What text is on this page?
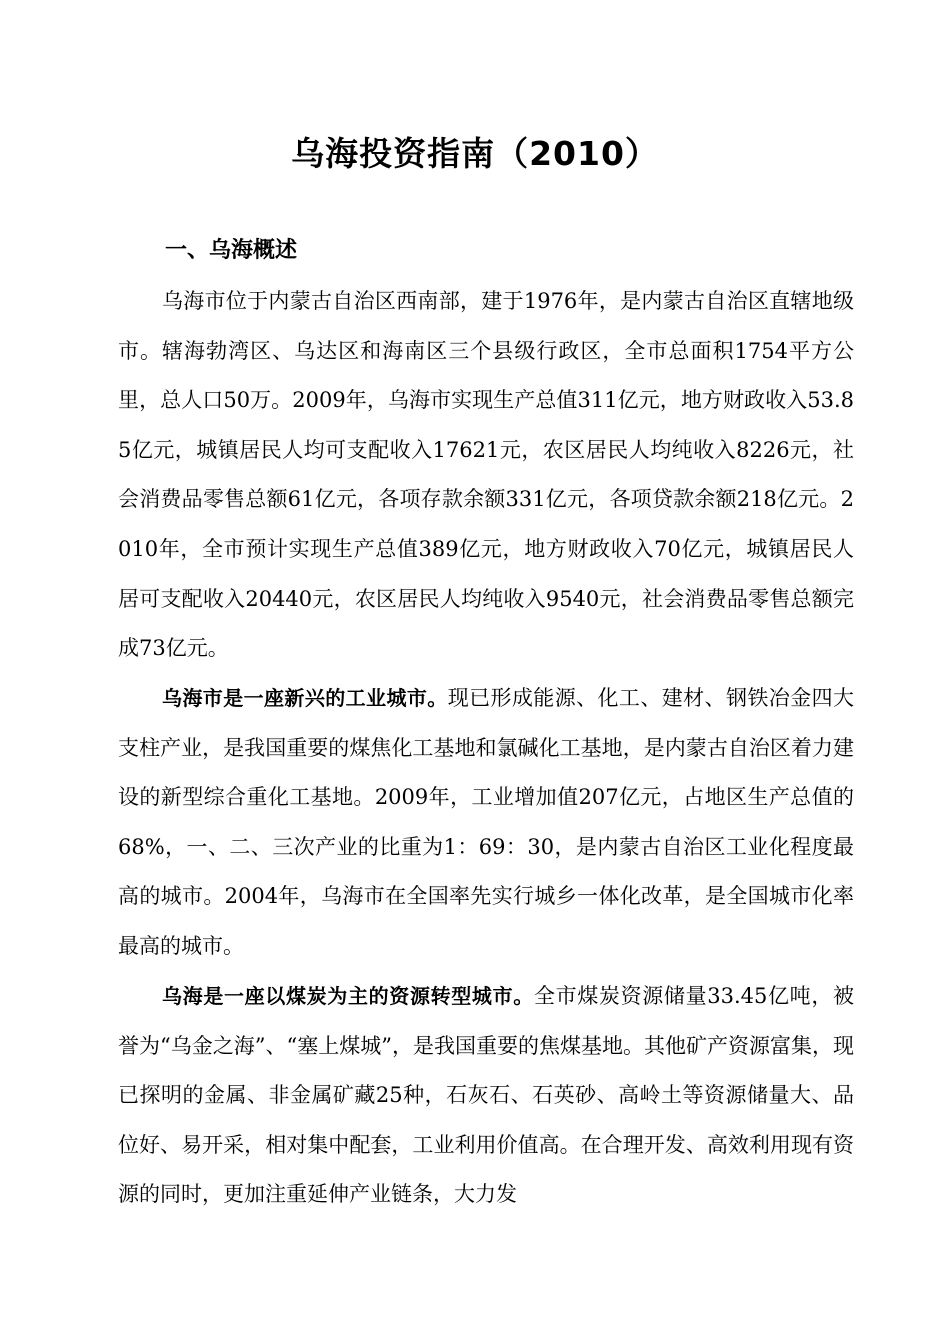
乌海投资指南（2010）
一、乌海概述
乌海市位于内蒙古自治区西南部，建于1976年，是内蒙古自治区直辖地级市。辖海勃湾区、乌达区和海南区三个县级行政区，全市总面积1754平方公里，总人口50万。2009年，乌海市实现生产总值311亿元，地方财政收入53.85亿元，城镇居民人均可支配收入17621元，农区居民人均纯收入8226元，社会消费品零售总额61亿元，各项存款余额331亿元，各项贷款余额218亿元。2010年，全市预计实现生产总值389亿元，地方财政收入70亿元，城镇居民人居可支配收入20440元，农区居民人均纯收入9540元，社会消费品零售总额完成73亿元。
乌海市是一座新兴的工业城市。现已形成能源、化工、建材、钢铁冶金四大支柱产业，是我国重要的煤焦化工基地和氯碱化工基地，是内蒙古自治区着力建设的新型综合重化工基地。2009年，工业增加值207亿元，占地区生产总值的68%，一、二、三次产业的比重为1：69：30，是内蒙古自治区工业化程度最高的城市。2004年，乌海市在全国率先实行城乡一体化改革，是全国城市化率最高的城市。
乌海是一座以煤炭为主的资源转型城市。全市煤炭资源储量33.45亿吨，被誉为“乌金之海”、“塞上煤城”，是我国重要的焦煤基地。其他矿产资源富集，现已探明的金属、非金属矿藏25种，石灰石、石英砂、高岭土等资源储量大、品位好、易开采，相对集中配套，工业利用价值高。在合理开发、高效利用现有资源的同时，更加注重延伸产业链条，大力发
